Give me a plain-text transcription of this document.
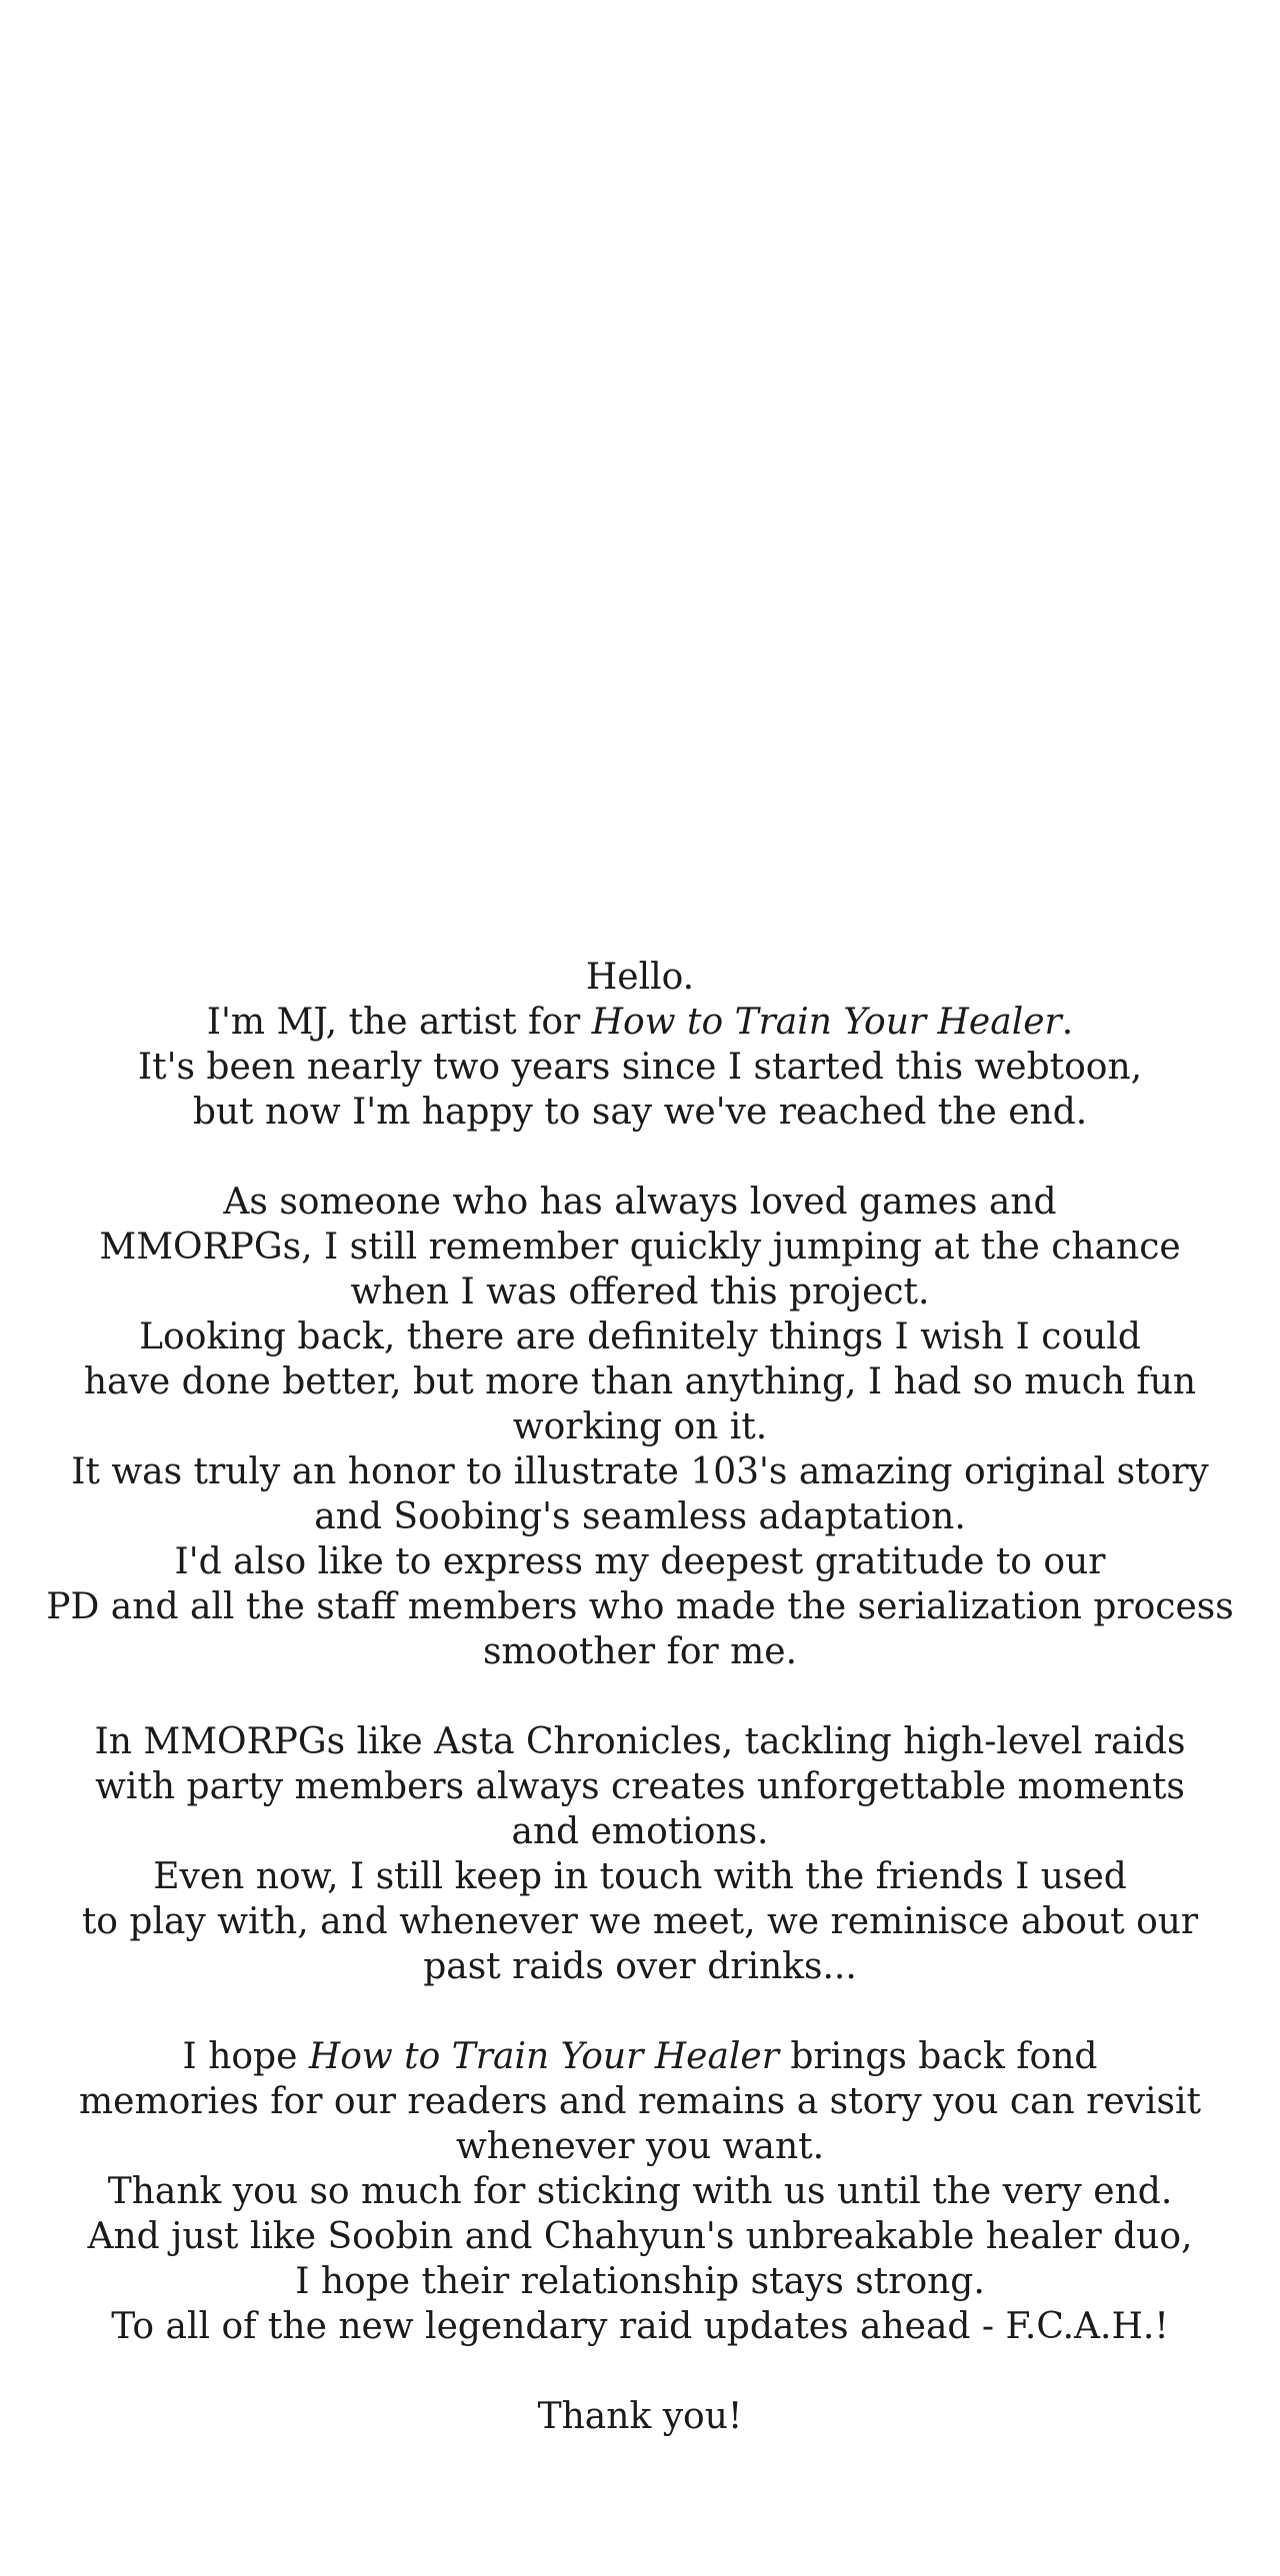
Hello.
I'm MJ, the artist for How to Train Your Healer.
It's been nearly two years since I started this webtoon,
but now I'm happy to say we've reached the end.
As someone who has always loved games and
MMORPGs, I still remember quickly jumping at the chance
when I was offered this project.
Looking back, there are definitely things I wish I could
have done better, but more than anything, I had so much fun
working on it.
It was truly an honor to illustrate 103's amazing original story
and Soobing's seamless adaptation.
I'd also like to express my deepest gratitude to our
PD and all the staff members who made the serialization process
smoother for me.
In MMORPGs like Asta Chronicles, tackling high-level raids
with party members always creates unforgettable moments
and emotions.
Even now, I still keep in touch with the friends I used
to play with, and whenever we meet, we reminisce about our
past raids over drinks...
I hope How to Train Your Healer brings back fond
memories for our readers and remains a story you can revisit
whenever you want.
Thank you so much for sticking with us until the very end.
And just like Soobin and Chahyun's unbreakable healer duo,
I hope their relationship stays strong.
To all of the new legendary raid updates ahead - F.C.A.H.!
Thank you!
